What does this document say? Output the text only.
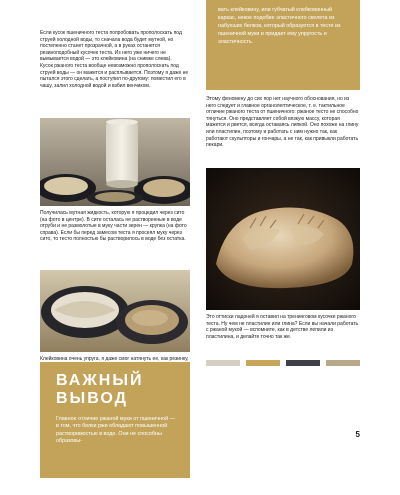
Если кусок пшеничного теста попробовать прополоскать под струей холодной воды, то сначала вода будет мутной, но постепенно станет прозрачной, а в руках останется резиноподобный кусочек теста. Из него уже ничего не вымывается водой — это клейковина (на снимке слева).

Кусок ржаного теста вообще невозможно прополоскать под струей воды — он мажется и расплывается. Поэтому я даже не пытался этого сделать, а поступил по-другому: поместил его в чашу, залил холодной водой и взбил венчиком.

Получилась мутная жидкость, которую я процедил через сито (на фото в центре). В сите осталась не растворенные в воде отруби и не размолотые в муку части зерен — крупка (на фото справа). Если бы перед замесом теста я просеял муку через сито, то тесто полностью бы растворилось в воде без остатка.

Клейковина очень упруга, я даже смог натянуть ее, как резинку,

ВАЖНЫЙ
ВЫВОД

Главное отличие ржаной муки от пшеничной — в том, что белки ржи обладают повышенной растворимостью в воде. Они не способны образовы-

вать клейковину, или губчатый клейковинный каркас, некое подобие эластичного скелета из набухших белков, который образуется в тесте из пшеничной муки и придает ему упругость и эластичность.

Этому феномену до сих пор нет научного обоснования, но из него следует и главное органолептическое, т. е. тактильное отличие ржаного теста от пшеничного: ржаное тесто не способно тянуться. Оно представляет собой вязкую массу, которая мажется и рвется, всегда оставаясь липкой. Оно похоже на глину или пластилин, поэтому и работать с ним нужно так, как работают скульпторы и гончары, а не так, как привыкли работать пекари.

Это оттиски ладоней я оставил на тренинговом кусочке ржаного теста. Ну чем не пластилин или глина? Если вы начали работать с ржаной мукой — вспомните, как в детстве лепили из пластилина, и делайте точно так же.

5
